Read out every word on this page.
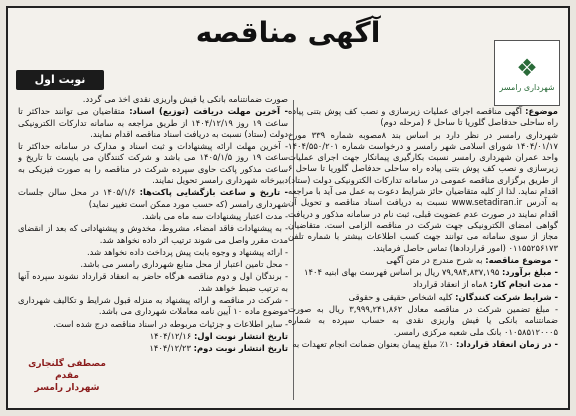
آگهی مناقصه
نوبت اول	❖
شهرداری رامسر
موضوع: آگهی مناقصه اجرای عملیات زیرسازی و نصب کف پوش بتنی پیاده راه ساحلی حدفاصل گلوریا تا ساحل ۶ (مرحله دوم)
شهرداری رامسر در نظر دارد بر اساس بند ۸مصوبه شماره ۳۳۹ مورخ ۱۴۰۴/۰۱/۱۷ شورای اسلامی شهر رامسر و درخواست شماره ۱۴۰۴/۵۵۰/۲۰۱ واحد عمران شهرداری رامسر نسبت بکارگیری پیمانکار جهت اجرای عملیات زیرسازی و نصب کف پوش بتنی پیاده راه ساحلی حدفاصل گلوریا تا ساحل ۶ از طریق برگزاری مناقصه عمومی در سامانه تدارکات الکترونیکی دولت (ستاد) اقدام نماید. لذا از کلیه متقاضیان حائز شرایط دعوت به عمل می آید با مراجعه به آدرس www.setadiran.ir نسبت به دریافت اسناد مناقصه و تحویل آن اقدام نمایند در صورت عدم عضویت قبلی، ثبت نام در سامانه مذکور و دریافت گواهی امضای الکترونیکی جهت شرکت در مناقصه الزامی است. متقاضیان مجاز از سوی سامانه می توانند جهت کسب اطلاعات بیشتر با شماره تلفن ۰۱۱۵۵۲۵۶۱۷۳ (امور قراردادها) تماس حاصل فرمایند.
- موضوع مناقصه: به شرح مندرج در متن آگهی
- مبلغ برآورد: ۷۹,۹۸۴,۸۳۷,۱۹۵ ریال بر اساس فهرست بهای ابنیه ۱۴۰۴
- مدت انجام کار: ۸ماه از انعقاد قرارداد
- شرایط شرکت کنندگان: کلیه اشخاص حقیقی و حقوقی
- مبلغ تضمین شرکت در مناقصه معادل ۳,۹۹۹,۲۴۱,۸۶۲ ریال به صورت ضمانتنامه بانکی یا فیش واریزی نقدی به حساب سپرده به شماره ۰۱۰۵۸۵۱۲۰۰۰۵ بانک ملی شعبه مرکزی رامسر.
- در زمان انعقاد قرارداد: ۱۰٪ مبلغ پیمان بعنوان ضمانت انجام تعهدات به
صورت ضمانتنامه بانکی یا فیش واریزی نقدی اخذ می گردد.
- آخرین مهلت دریافت (توزیع) اسناد: متقاضیان می توانند حداکثر تا ساعت ۱۹ روز ۱۴۰۴/۱۲/۱۹ از طریق مراجعه به سامانه تدارکات الکترونیکی دولت (ستاد) نسبت به دریافت اسناد مناقصه اقدام نمایند.
- آخرین مهلت ارائه پیشنهادات و ثبت اسناد و مدارک در سامانه حداکثر تا ساعت ۱۹ روز ۱۴۰۵/۱/۵ می باشد و شرکت کنندگان می بایست تا تاریخ و ساعت مذکور پاکت حاوی سپرده شرکت در مناقصه را به صورت فیزیکی به دبیرخانه شهرداری رامسر تحویل نمایند.
- تاریخ و ساعت بازگشایی پاکت‌ها: ۱۴۰۵/۱/۶ در محل سالن جلسات شهرداری رامسر (که حسب مورد ممکن است تغییر نماید)
- مدت اعتبار پیشنهادات سه ماه می باشد.
- به پیشنهادات فاقد امضاء، مشروط، مخدوش و پیشنهاداتی که بعد از انقضای مدت مقرر واصل می شوند ترتیب اثر داده نخواهد شد.
- ارائه پیشنهاد و وجوه بابت پیش پرداخت داده نخواهد شد.
- محل تامین اعتبار از محل منابع شهرداری رامسر می باشد.
- برندگان اول و دوم مناقصه هرگاه حاضر به انعقاد قرارداد نشوند سپرده آنها به ترتیب ضبط خواهد شد.
- شرکت در مناقصه و ارائه پیشنهاد به منزله قبول شرایط و تکالیف شهرداری موضوع ماده ۱۰ آیین نامه معاملات شهرداری می باشد.
- سایر اطلاعات و جزئیات مربوطه در اسناد مناقصه درج شده است.
تاریخ انتشار نوبت اول: ۱۴۰۴/۱۲/۱۶
تاریخ انتشار نوبت دوم: ۱۴۰۴/۱۲/۲۳
مصطفی گلنجاری مقدم
شهردار رامسر
